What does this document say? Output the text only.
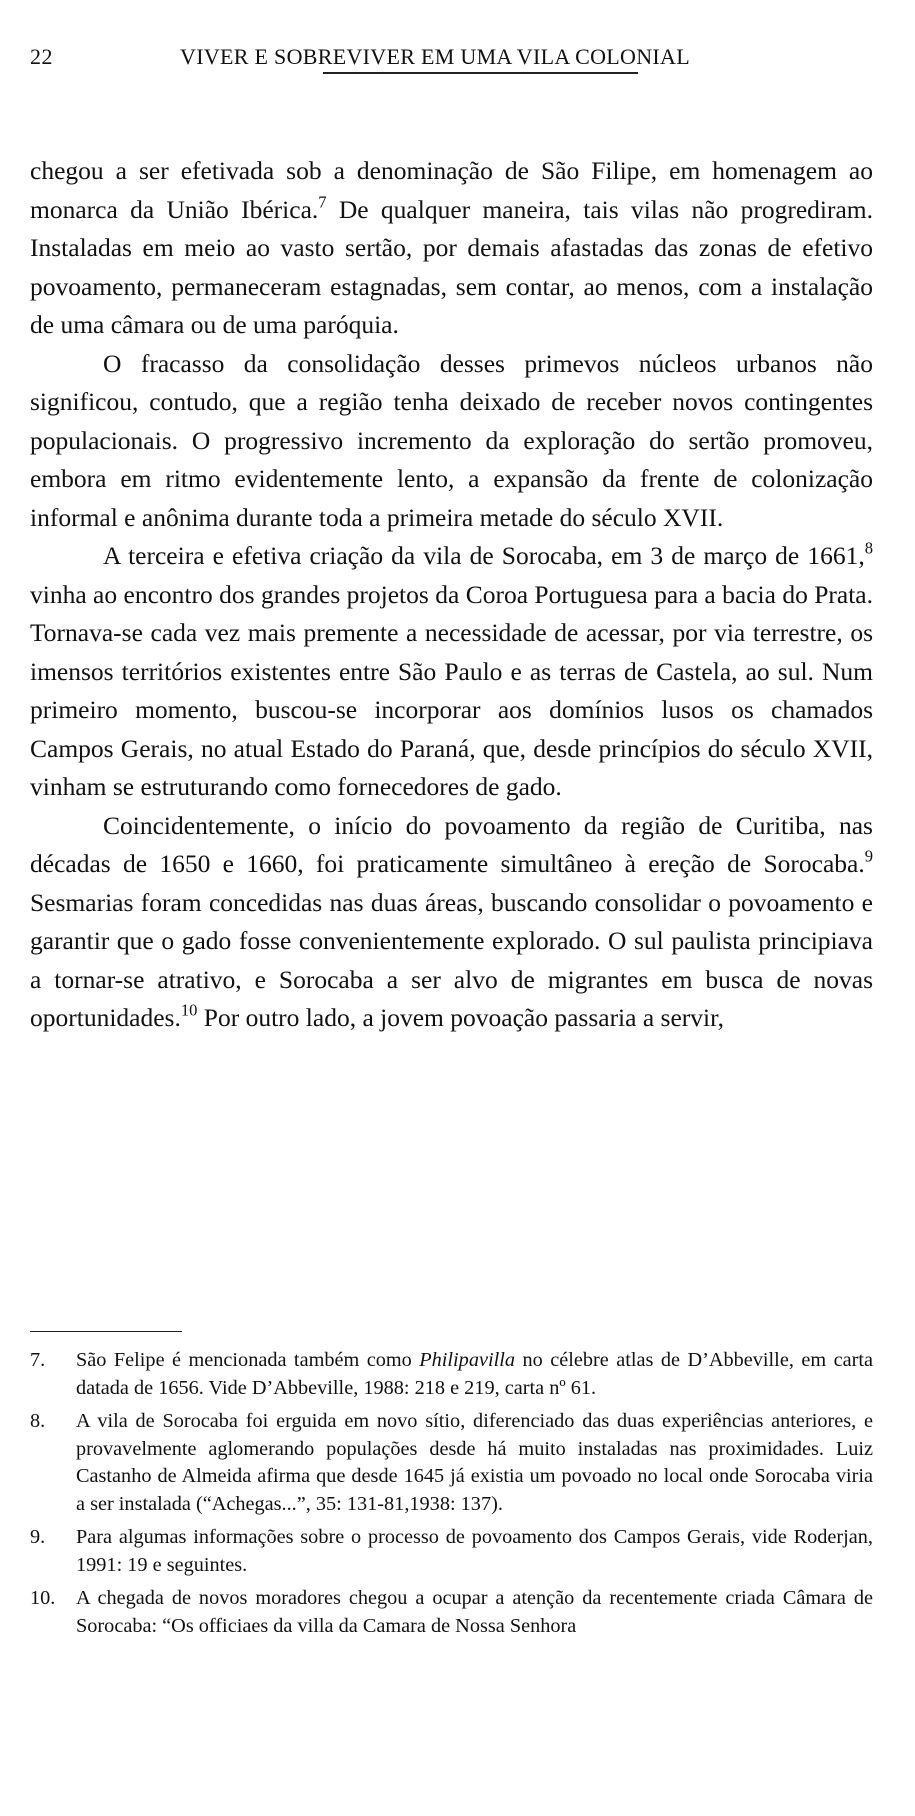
22	VIVER E SOBREVIVER EM UMA VILA COLONIAL

chegou a ser efetivada sob a denominação de São Filipe, em homenagem ao monarca da União Ibérica.$^7$ De qualquer maneira, tais vilas não progrediram. Instaladas em meio ao vasto sertão, por demais afastadas das zonas de efetivo povoamento, permaneceram estagnadas, sem contar, ao menos, com a instalação de uma câmara ou de uma paróquia.

O fracasso da consolidação desses primevos núcleos urbanos não significou, contudo, que a região tenha deixado de receber novos contingentes populacionais. O progressivo incremento da exploração do sertão promoveu, embora em ritmo evidentemente lento, a expansão da frente de colonização informal e anônima durante toda a primeira metade do século XVII.

A terceira e efetiva criação da vila de Sorocaba, em 3 de março de 1661,$^8$ vinha ao encontro dos grandes projetos da Coroa Portuguesa para a bacia do Prata. Tornava-se cada vez mais premente a necessidade de acessar, por via terrestre, os imensos territórios existentes entre São Paulo e as terras de Castela, ao sul. Num primeiro momento, buscou-se incorporar aos domínios lusos os chamados Campos Gerais, no atual Estado do Paraná, que, desde princípios do século XVII, vinham se estruturando como fornecedores de gado.

Coincidentemente, o início do povoamento da região de Curitiba, nas décadas de 1650 e 1660, foi praticamente simultâneo à ereção de Sorocaba.$^9$ Sesmarias foram concedidas nas duas áreas, buscando consolidar o povoamento e garantir que o gado fosse convenientemente explorado. O sul paulista principiava a tornar-se atrativo, e Sorocaba a ser alvo de migrantes em busca de novas oportunidades.$^{10}$ Por outro lado, a jovem povoação passaria a servir,

7. São Felipe é mencionada também como Philipavilla no célebre atlas de D’Abbeville, em carta datada de 1656. Vide D’Abbeville, 1988: 218 e 219, carta nº 61.
8. A vila de Sorocaba foi erguida em novo sítio, diferenciado das duas experiências anteriores, e provavelmente aglomerando populações desde há muito instaladas nas proximidades. Luiz Castanho de Almeida afirma que desde 1645 já existia um povoado no local onde Sorocaba viria a ser instalada (“Achegas...”, 35: 131-81,1938: 137).
9. Para algumas informações sobre o processo de povoamento dos Campos Gerais, vide Roderjan, 1991: 19 e seguintes.
10. A chegada de novos moradores chegou a ocupar a atenção da recentemente criada Câmara de Sorocaba: “Os officiaes da villa da Camara de Nossa Senhora
